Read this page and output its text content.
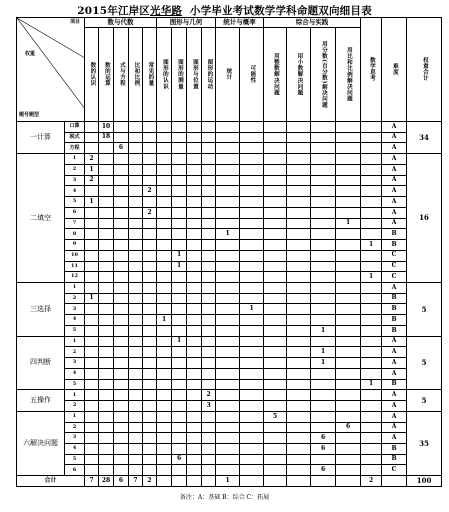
2015年江岸区光华路 小学毕业考试数学学科命题双向细目表
项目
权重
题号题型		数与代数					图形与几何				统计与概率		综合与实践				数学思考	难度	权重合计
		数的认识	数的运算	式与方程	比和比例	常见的量	图形的认识	图形的测量	图形与位置	图形的运动	统计	可能性	用整数解决问题	用小数解决问题	用分数(百分数)解决问题	用比和比例解决问题			
一计算	口算		10															A	34
	脱式		18															A	
	方程			6														A	
二填空	1	2																A	16
	2	1																A	
	3	2																A	
	4					2												A	
	5	1																A	
	6					2												A	
	7															1		A	
	8										1							B	
	9																1	B	
	10							1										C	
	11							1										C	
	12																1	C	
三选择	1																	A	5
	2	1																B	
	3											1						B	
	4						1											B	
	5														1			B	
四判断	1							1										A	5
	2														1			A	
	3														1			A	
	4																	A	
	5																1	B	
五操作	1									2								A	5
	2									3								A	
六解决问题	1												5					A	35
	2															6		A	
	3														6			A	
	4														6			B	
	5							6										B	
	6														6			C	
合计		7	28	6	7	2					1						2		100
备注：A：基础 B：综合 C：拓展
